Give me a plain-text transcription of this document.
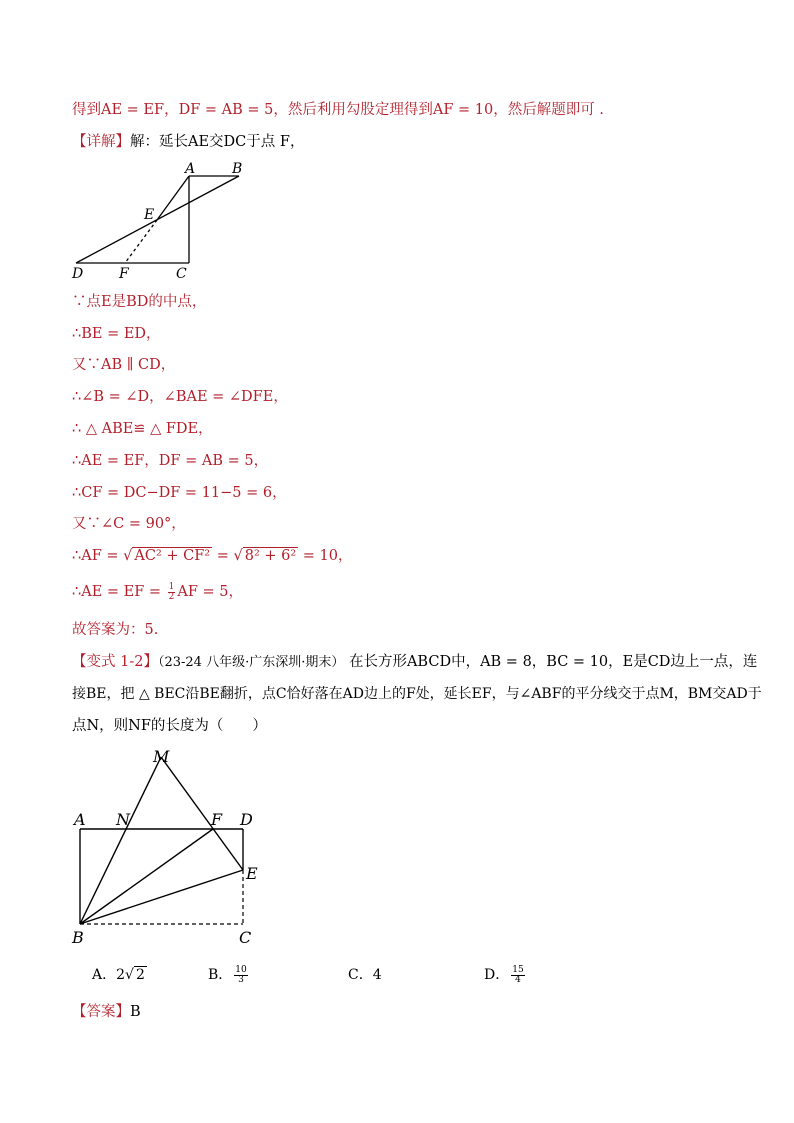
得到AE = EF，DF = AB = 5，然后利用勾股定理得到AF = 10，然后解题即可 .
【详解】解：延长AE交DC于点 F，
A	B
E
D	F	C
∵点E是BD的中点，
∴BE = ED，
又∵AB ∥ CD，
∴∠B = ∠D，∠BAE = ∠DFE，
∴ △ ABE≌ △ FDE，
∴AE = EF，DF = AB = 5，
∴CF = DC−DF = 11−5 = 6，
又∵∠C = 90°，
∴AF = √ AC² + CF² = √ 8² + 6² = 10，
∴AE = EF = $\frac{1}{2}$ AF = 5，
故答案为：5.
【变式 1-2】（23-24 八年级·广东深圳·期末） 在长方形ABCD中，AB = 8，BC = 10，E是CD边上一点，连
接BE，把 △ BEC沿BE翻折，点C恰好落在AD边上的F处，延长EF，与∠ABF的平分线交于点M，BM交AD于
点N，则NF的长度为（　　）
M
A N	F D
E
B	C
A．2√ 2	B． $\frac{10}{3}$	C．4	D． $\frac{15}{4}$
【答案】B
